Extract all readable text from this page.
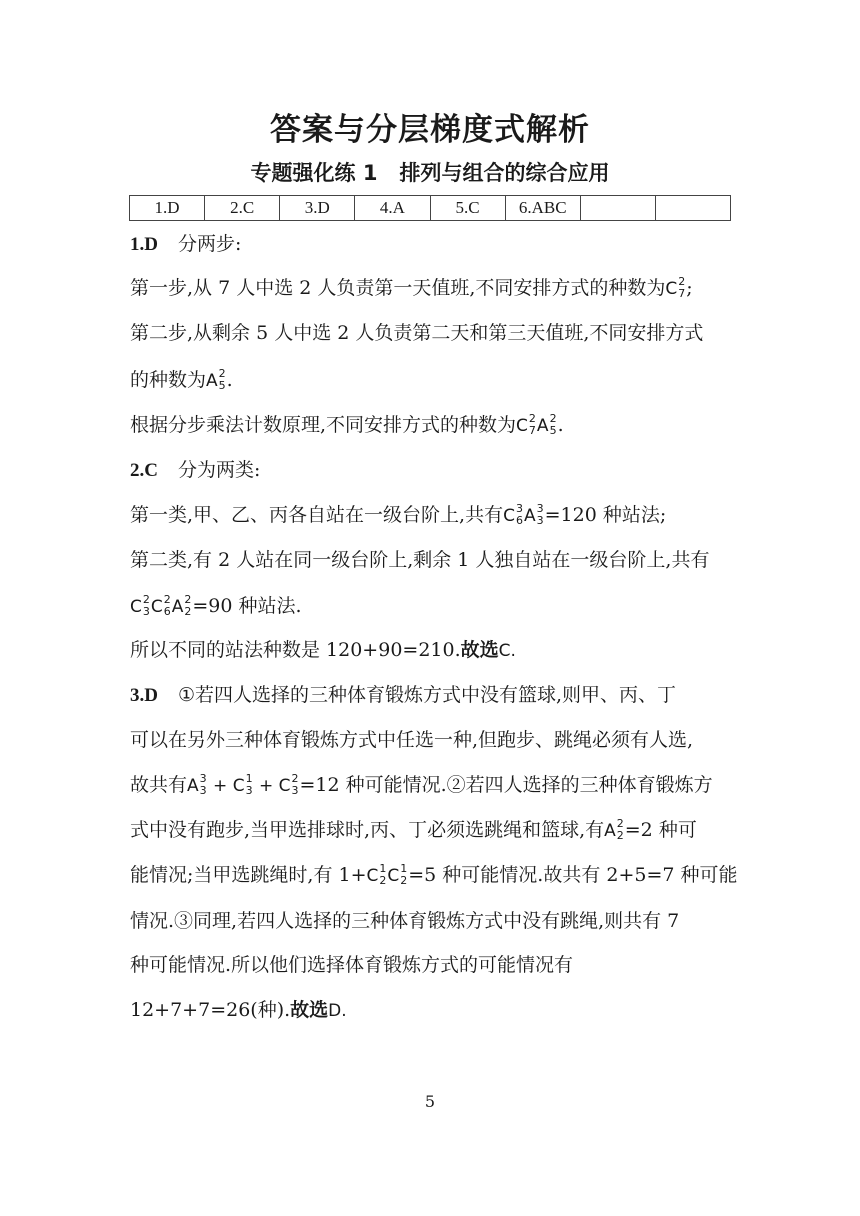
答案与分层梯度式解析
专题强化练 1 排列与组合的综合应用
1.D	2.C	3.D	4.A	5.C	6.ABC		
1.D 分两步:
第一步,从 7 人中选 2 人负责第一天值班,不同安排方式的种数为C 2
7 ;
第二步,从剩余 5 人中选 2 人负责第二天和第三天值班,不同安排方式
的种数为A 2
5 .
根据分步乘法计数原理,不同安排方式的种数为C 2
7 A 2
5 .
2.C 分为两类:
第一类,甲、乙、丙各自站在一级台阶上,共有C 3
6 A 3
3 =120 种站法;
第二类,有 2 人站在同一级台阶上,剩余 1 人独自站在一级台阶上,共有
C 2
3 C 2
6 A 2
2 =90 种站法.
所以不同的站法种数是 120+90=210.故选C.
3.D ①若四人选择的三种体育锻炼方式中没有篮球,则甲、丙、丁
可以在另外三种体育锻炼方式中任选一种,但跑步、跳绳必须有人选,
故共有A 3
3 + C 1
3 + C 2
3 =12 种可能情况.②若四人选择的三种体育锻炼方
式中没有跑步,当甲选排球时,丙、丁必须选跳绳和篮球,有A 2
2 =2 种可
能情况;当甲选跳绳时,有 1+C 1
2 C 1
2 =5 种可能情况.故共有 2+5=7 种可能
情况.③同理,若四人选择的三种体育锻炼方式中没有跳绳,则共有 7
种可能情况.所以他们选择体育锻炼方式的可能情况有
12+7+7=26(种).故选D.
5
